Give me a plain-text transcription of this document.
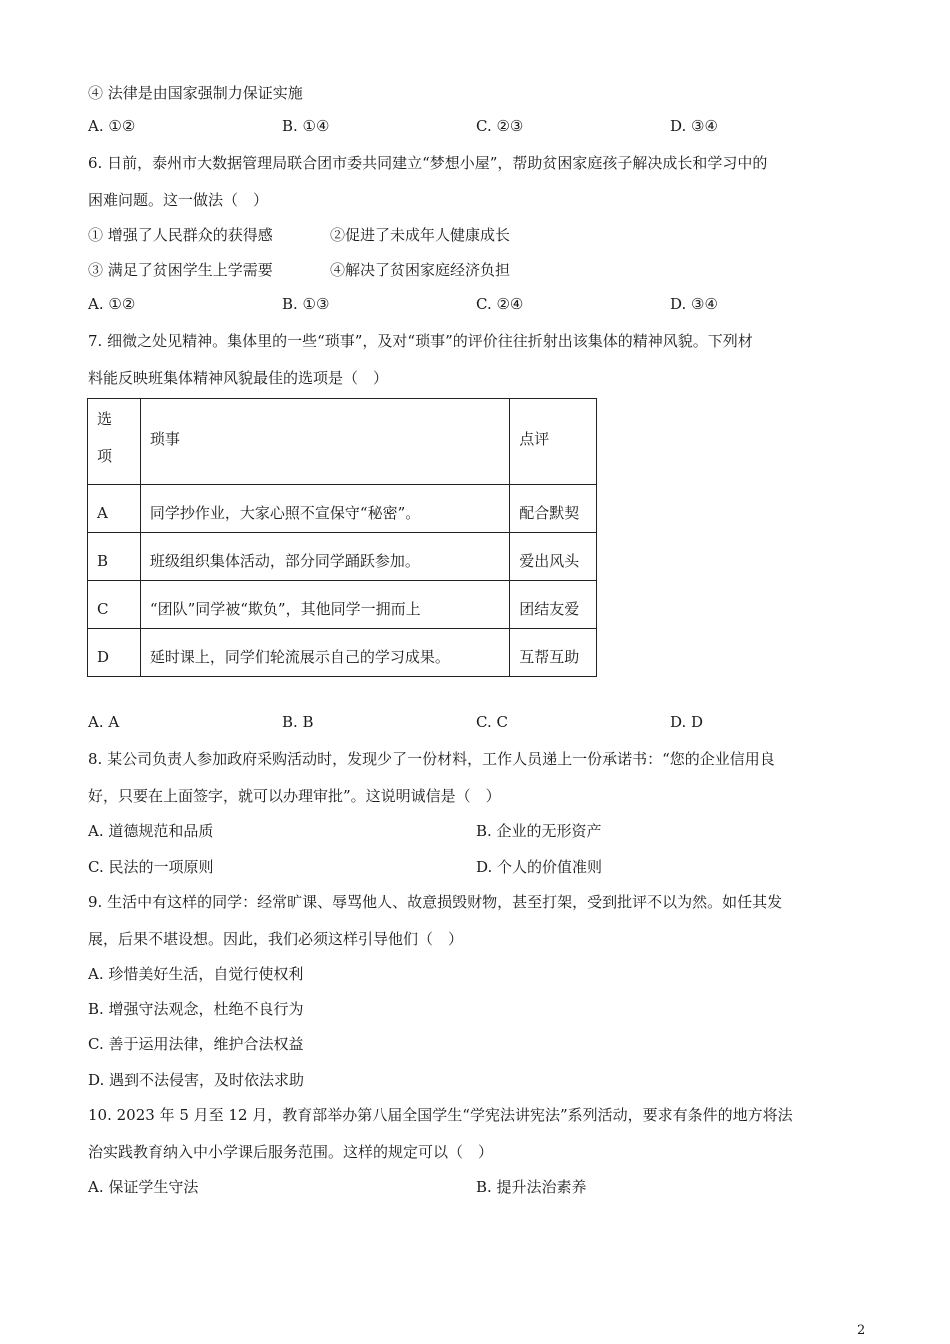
④ 法律是由国家强制力保证实施
A. ①②	B. ①④	C. ②③	D. ③④
6. 日前，泰州市大数据管理局联合团市委共同建立“梦想小屋”，帮助贫困家庭孩子解决成长和学习中的
困难问题。这一做法（　）
① 增强了人民群众的获得感	②促进了未成年人健康成长
③ 满足了贫困学生上学需要	④解决了贫困家庭经济负担
A. ①②	B. ①③	C. ②④	D. ③④
7. 细微之处见精神。集体里的一些“琐事”，及对“琐事”的评价往往折射出该集体的精神风貌。下列材
料能反映班集体精神风貌最佳的选项是（　）
选项	琐事	点评
A	同学抄作业，大家心照不宣保守“秘密”。	配合默契
B	班级组织集体活动，部分同学踊跃参加。	爱出风头
C	“团队”同学被“欺负”，其他同学一拥而上	团结友爱
D	延时课上，同学们轮流展示自己的学习成果。	互帮互助
A. A	B. B	C. C	D. D
8. 某公司负责人参加政府采购活动时，发现少了一份材料，工作人员递上一份承诺书：“您的企业信用良
好，只要在上面签字，就可以办理审批”。这说明诚信是（　）
A. 道德规范和品质	B. 企业的无形资产
C. 民法的一项原则	D. 个人的价值准则
9. 生活中有这样的同学：经常旷课、辱骂他人、故意损毁财物，甚至打架，受到批评不以为然。如任其发
展，后果不堪设想。因此，我们必须这样引导他们（　）
A. 珍惜美好生活，自觉行使权利
B. 增强守法观念，杜绝不良行为
C. 善于运用法律，维护合法权益
D. 遇到不法侵害，及时依法求助
10. 2023 年 5 月至 12 月，教育部举办第八届全国学生“学宪法讲宪法”系列活动，要求有条件的地方将法
治实践教育纳入中小学课后服务范围。这样的规定可以（　）
A. 保证学生守法	B. 提升法治素养
2
